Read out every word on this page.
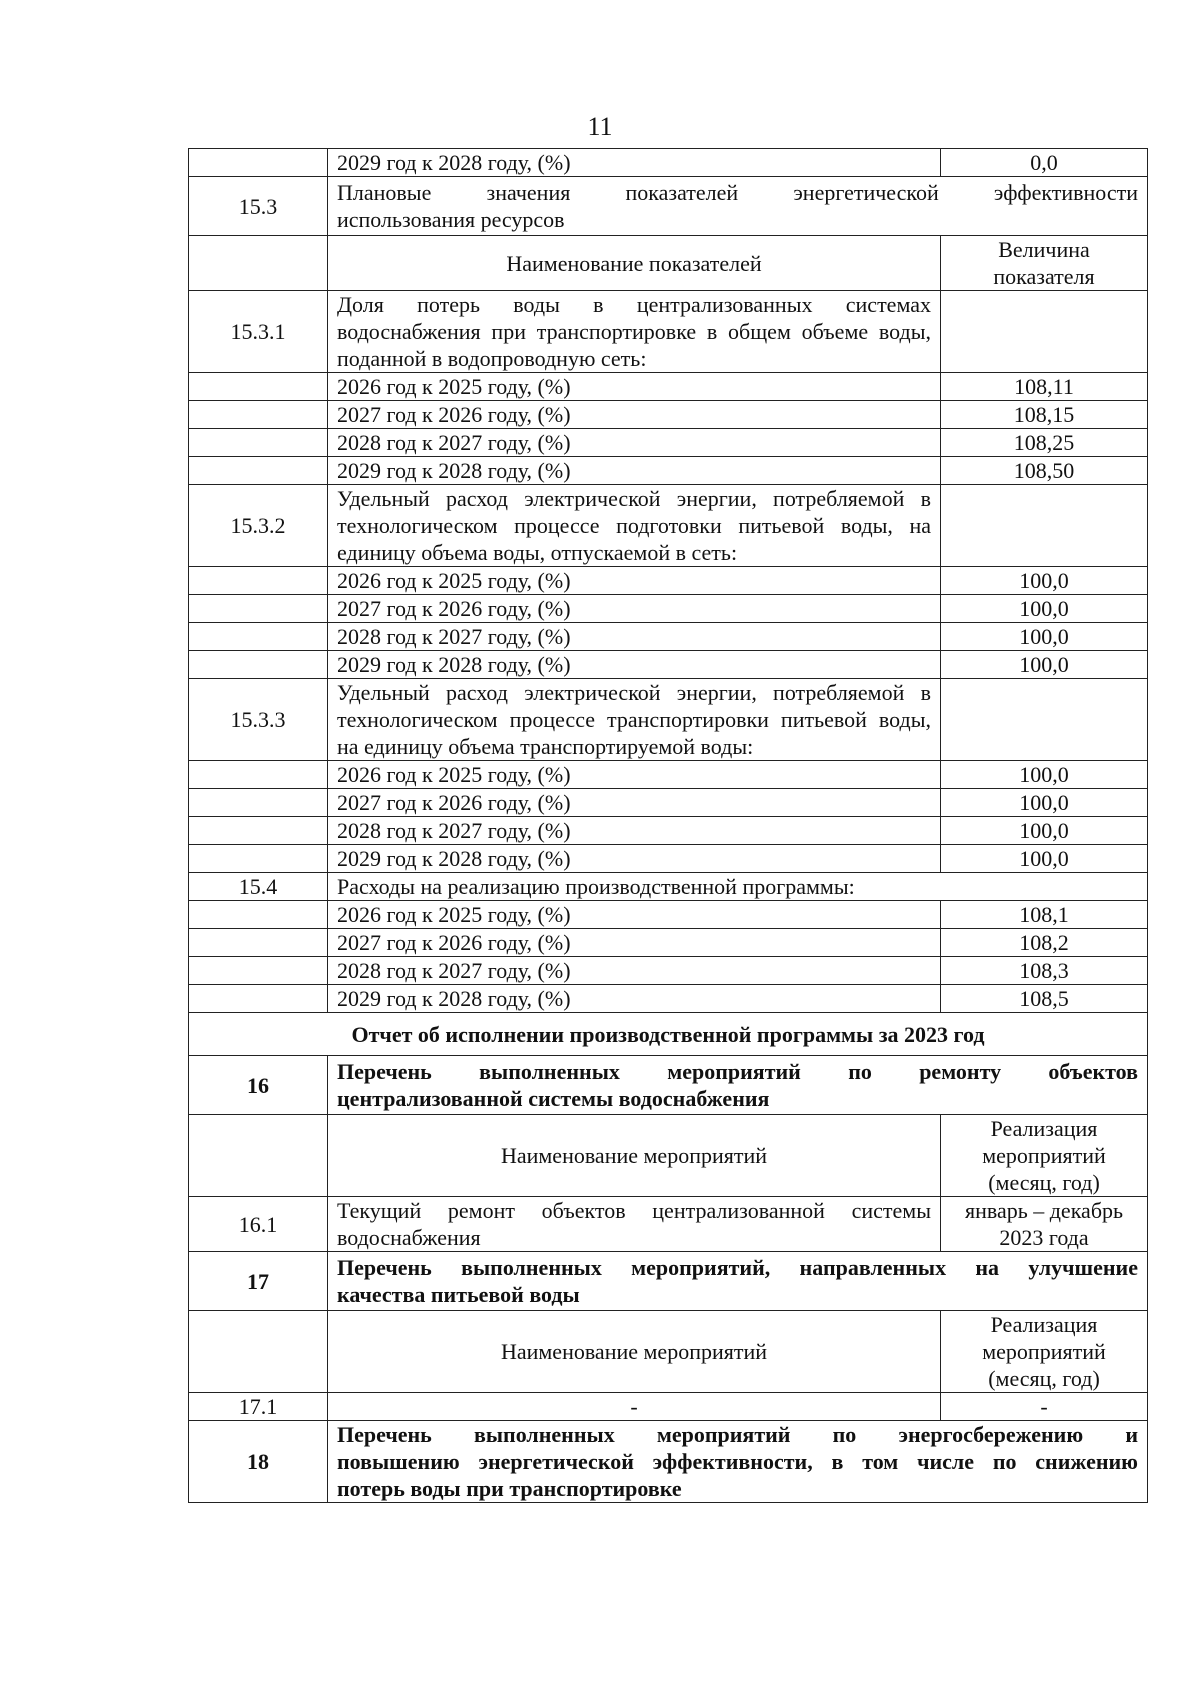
11
	2029 год к 2028 году, (%)	0,0
15.3	Плановые значения показателей энергетической эффективности
использования ресурсов	

	Наименование показателей	Величина показателя
15.3.1	Доля потерь воды в централизованных системах водоснабжения при транспортировке в общем объеме воды, поданной в водопроводную сеть:	
	2026 год к 2025 году, (%)	108,11
	2027 год к 2026 году, (%)	108,15
	2028 год к 2027 году, (%)	108,25
	2029 год к 2028 году, (%)	108,50
15.3.2	Удельный расход электрической энергии, потребляемой в технологическом процессе подготовки питьевой воды, на единицу объема воды, отпускаемой в сеть:	
	2026 год к 2025 году, (%)	100,0
	2027 год к 2026 году, (%)	100,0
	2028 год к 2027 году, (%)	100,0
	2029 год к 2028 году, (%)	100,0
15.3.3	Удельный расход электрической энергии, потребляемой в технологическом процессе транспортировки питьевой воды, на единицу объема транспортируемой воды:	
	2026 год к 2025 году, (%)	100,0
	2027 год к 2026 году, (%)	100,0
	2028 год к 2027 году, (%)	100,0
	2029 год к 2028 году, (%)	100,0
15.4	Расходы на реализацию производственной программы:	
	2026 год к 2025 году, (%)	108,1
	2027 год к 2026 году, (%)	108,2
	2028 год к 2027 году, (%)	108,3
	2029 год к 2028 году, (%)	108,5
Отчет об исполнении производственной программы за 2023 год		
16	Перечень выполненных мероприятий по ремонту объектов
централизованной системы водоснабжения	

	Наименование мероприятий	Реализация мероприятий (месяц, год)
16.1	Текущий ремонт объектов централизованной системы водоснабжения	январь – декабрь 2023 года
17	Перечень выполненных мероприятий, направленных на улучшение
качества питьевой воды	

	Наименование мероприятий	Реализация мероприятий (месяц, год)
17.1	-	-
18	Перечень выполненных мероприятий по энергосбережению и
повышению энергетической эффективности, в том числе по снижению
потерь воды при транспортировке	
